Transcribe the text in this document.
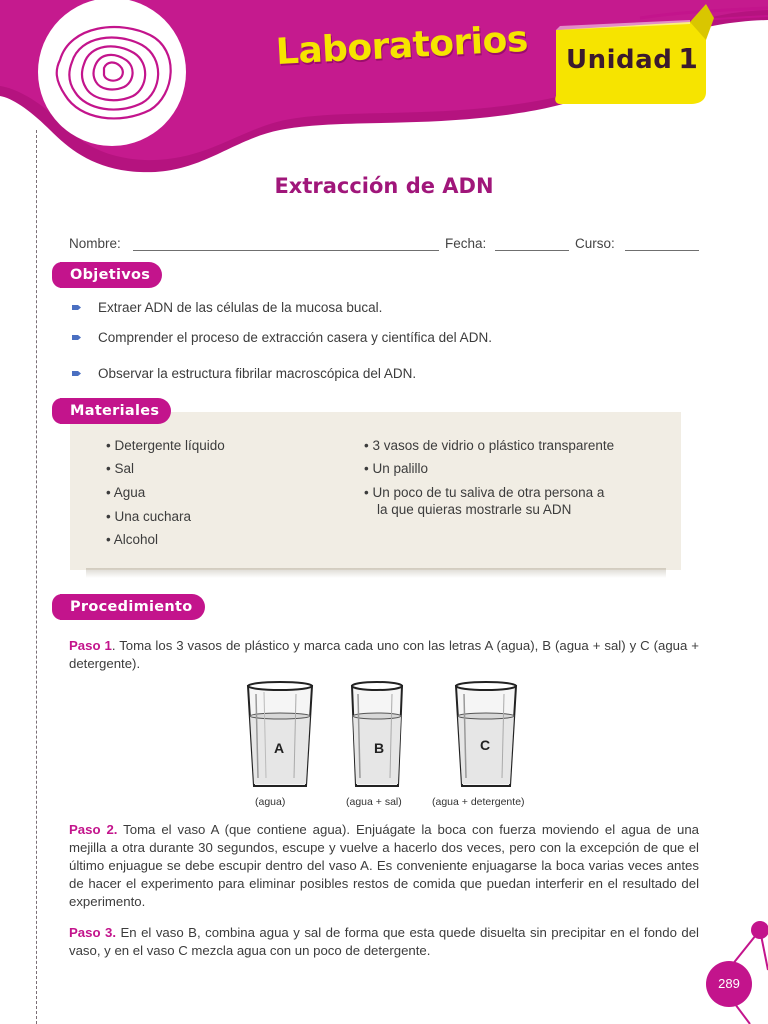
Laboratorios Unidad 1
Extracción de ADN
Nombre:	Fecha:	Curso:
Objetivos
Extraer ADN de las células de la mucosa bucal.
Comprender el proceso de extracción casera y científica del ADN.
Observar la estructura fibrilar macroscópica del ADN.
Materiales
• Detergente líquido
• Sal
• Agua
• Una cuchara
• Alcohol
• 3 vasos de vidrio o plástico transparente
• Un palillo
• Un poco de tu saliva de otra persona a
la que quieras mostrarle su ADN
Procedimiento
Paso 1. Toma los 3 vasos de plástico y marca cada uno con las letras A (agua), B (agua + sal) y C (agua + detergente).
A	B	C
(agua)	(agua + sal)	(agua + detergente)
Paso 2. Toma el vaso A (que contiene agua). Enjuágate la boca con fuerza moviendo el agua de una mejilla a otra durante 30 segundos, escupe y vuelve a hacerlo dos veces, pero con la excepción de que el último enjuague se debe escupir dentro del vaso A. Es conveniente enjuagarse la boca varias veces antes de hacer el experimento para eliminar posibles restos de comida que puedan interferir en el resultado del experimento.
Paso 3. En el vaso B, combina agua y sal de forma que esta quede disuelta sin precipitar en el fondo del vaso, y en el vaso C mezcla agua con un poco de detergente.
289
